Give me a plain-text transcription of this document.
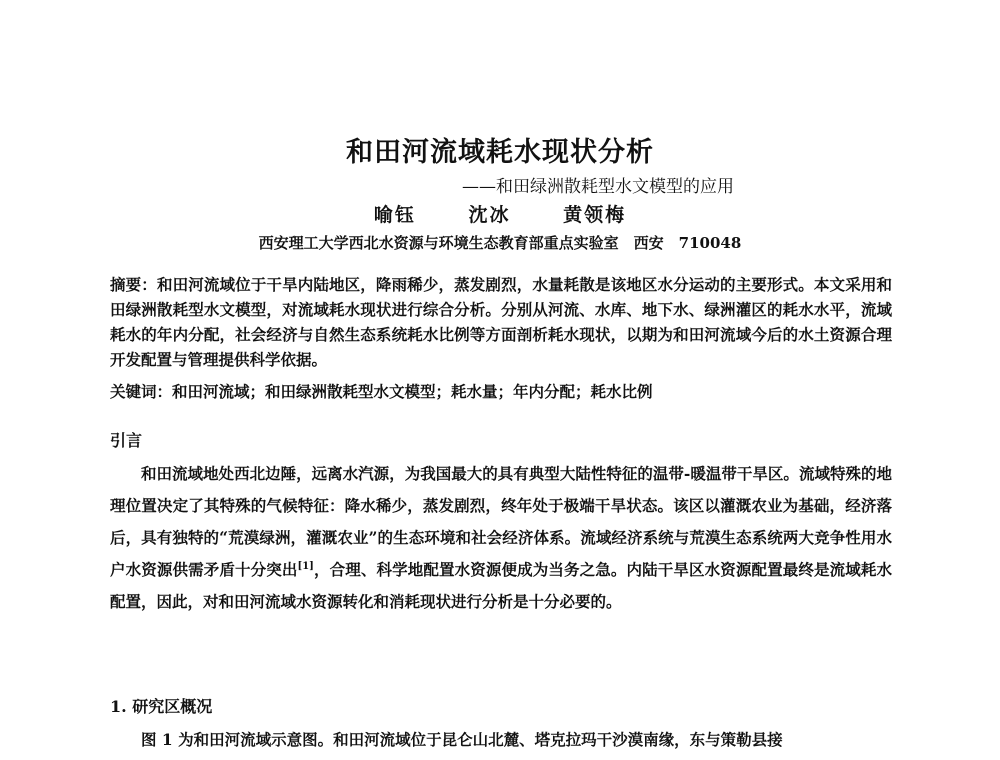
和田河流域耗水现状分析
——和田绿洲散耗型水文模型的应用
喻钰	沈冰	黄领梅
西安理工大学西北水资源与环境生态教育部重点实验室　西安　710048
摘要：和田河流域位于干旱内陆地区，降雨稀少，蒸发剧烈，水量耗散是该地区水分运动的主要形式。本文采用和田绿洲散耗型水文模型，对流域耗水现状进行综合分析。分别从河流、水库、地下水、绿洲灌区的耗水水平，流域耗水的年内分配，社会经济与自然生态系统耗水比例等方面剖析耗水现状，以期为和田河流域今后的水土资源合理开发配置与管理提供科学依据。
关键词：和田河流域；和田绿洲散耗型水文模型；耗水量；年内分配；耗水比例
引言
和田流域地处西北边陲，远离水汽源，为我国最大的具有典型大陆性特征的温带-暖温带干旱区。流域特殊的地理位置决定了其特殊的气候特征：降水稀少，蒸发剧烈，终年处于极端干旱状态。该区以灌溉农业为基础，经济落后，具有独特的“荒漠绿洲，灌溉农业”的生态环境和社会经济体系。流域经济系统与荒漠生态系统两大竞争性用水户水资源供需矛盾十分突出[1]，合理、科学地配置水资源便成为当务之急。内陆干旱区水资源配置最终是流域耗水配置，因此，对和田河流域水资源转化和消耗现状进行分析是十分必要的。
1. 研究区概况
图 1 为和田河流域示意图。和田河流域位于昆仑山北麓、塔克拉玛干沙漠南缘，东与策勒县接
